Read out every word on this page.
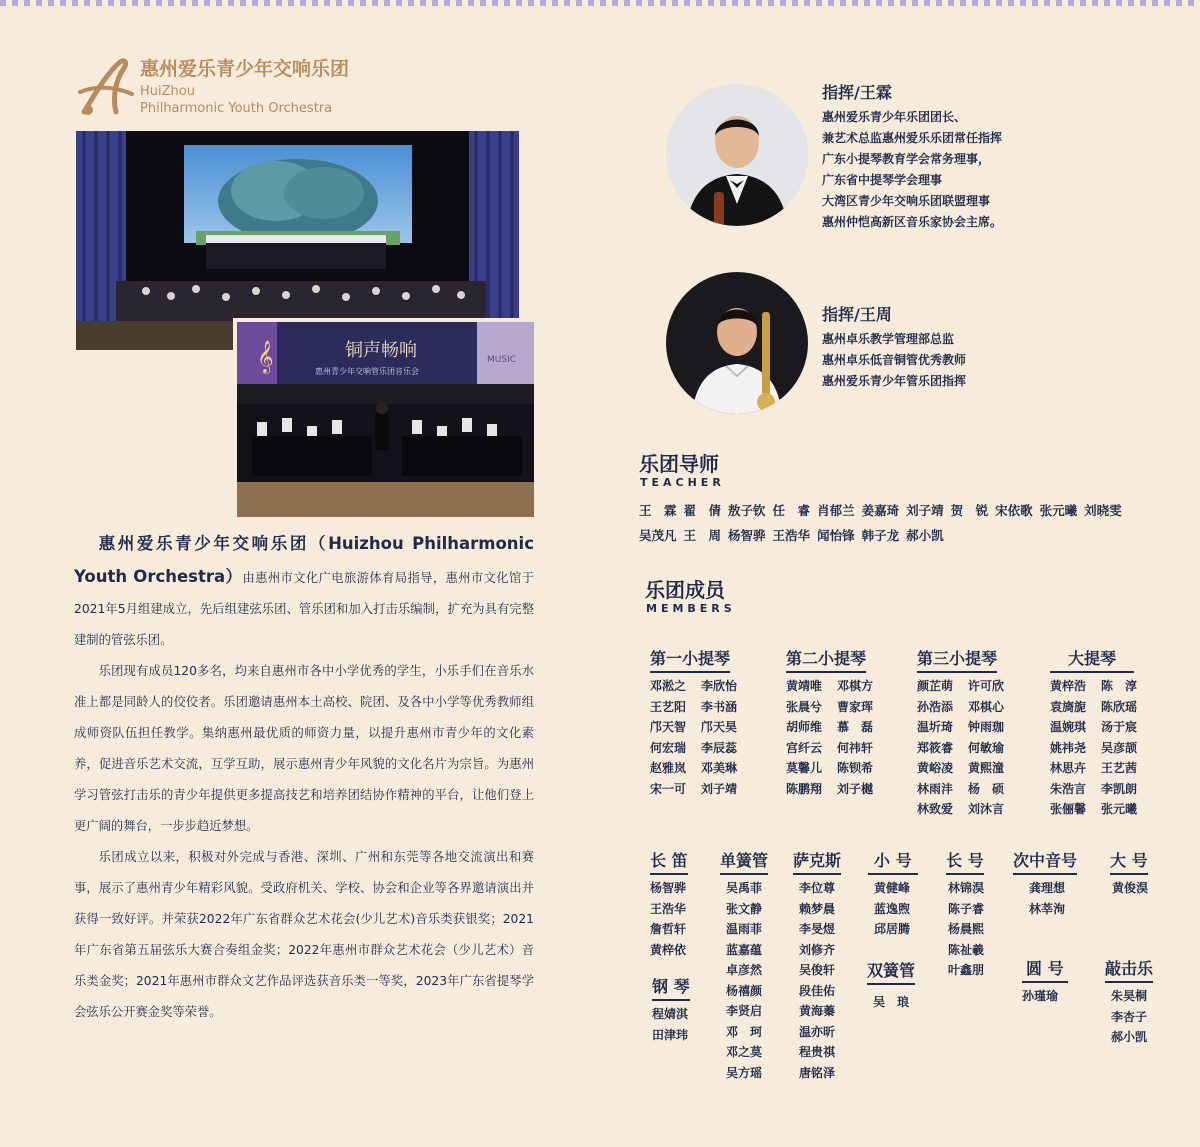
惠州爱乐青少年交响乐团
HuiZhou
Philharmonic Youth Orchestra
𝄞	铜声畅响
惠州青少年交响管乐团音乐会
MUSIC

惠州爱乐青少年交响乐团（Huizhou Philharmonic Youth Orchestra）由惠州市文化广电旅游体育局指导，惠州市文化馆于2021年5月组建成立，先后组建弦乐团、管乐团和加入打击乐编制，扩充为具有完整建制的管弦乐团。

乐团现有成员120多名，均来自惠州市各中小学优秀的学生，小乐手们在音乐水准上都是同龄人的佼佼者。乐团邀请惠州本土高校、院团、及各中小学等优秀教师组成师资队伍担任教学。集纳惠州最优质的师资力量，以提升惠州市青少年的文化素养，促进音乐艺术交流，互学互助，展示惠州青少年风貌的文化名片为宗旨。为惠州学习管弦打击乐的青少年提供更多提高技艺和培养团结协作精神的平台，让他们登上更广阔的舞台，一步步趋近梦想。

乐团成立以来，积极对外完成与香港、深圳、广州和东莞等各地交流演出和赛事，展示了惠州青少年精彩风貌。受政府机关、学校、协会和企业等各界邀请演出并获得一致好评。并荣获2022年广东省群众艺术花会(少儿艺术)音乐类获银奖；2021年广东省第五届弦乐大赛合奏组金奖；2022年惠州市群众艺术花会（少儿艺术）音乐类金奖；2021年惠州市群众文艺作品评选获音乐类一等奖，2023年广东省提琴学会弦乐公开赛金奖等荣誉。

指挥/王霖
惠州爱乐青少年乐团团长、
兼艺术总监惠州爱乐乐团常任指挥
广东小提琴教育学会常务理事，
广东省中提琴学会理事
大湾区青少年交响乐团联盟理事
惠州仲恺高新区音乐家协会主席。
指挥/王周
惠州卓乐教学管理部总监
惠州卓乐低音铜管优秀教师
惠州爱乐青少年管乐团指挥
乐团导师
TEACHER
王　霖 翟　倩 敖子钦 任　睿 肖郁兰 姜嘉琦 刘子靖 贺　锐 宋依歌 张元曦 刘晓雯
吴茂凡 王　周 杨智骅 王浩华 闻怡锋 韩子龙 郝小凯
乐团成员
MEMBERS
第一小提琴
邓淞之 李欣怡
王艺阳 李书涵
邝天智 邝天昊
何宏瑞 李辰蕊
赵雅岚 邓美琳
宋一可 刘子靖
第二小提琴
黄靖唯 邓棋方
张晨兮 曹家珲
胡师维 慕　磊
宫纤云 何祎轩
莫馨儿 陈钡希
陈鹏翔 刘子樾
第三小提琴
颜芷萌 许可欣
孙浩添 邓棋心
温圻琦 钟雨珈
郑筱睿 何敏瑜
黄峪凌 黄熙潼
林雨沣 杨　硕
林致爱 刘沐言
大提琴
黄梓浩 陈　淳
袁旖旎 陈欣瑶
温婉琪 汤于宸
姚祎尧 吴彦颉
林思卉 王艺茜
朱浩言 李凯朗
张俪馨 张元曦
长 笛
杨智骅
王浩华
詹哲轩
黄梓依
钢 琴
程婧淇
田津玮
单簧管
吴禹菲
张文静
温雨菲
蓝嘉蕴
卓彦然
杨禧颜
李贤启
邓　珂
邓之莫
吴方瑶
萨克斯
李位尊
赖梦晨
李旻煜
刘修齐
吴俊轩
段佳佑
黄海蓁
温亦昕
程贵祺
唐铭泽
小 号
黄健峰
蓝逸煦
邱居腾
双簧管
吴　琅
长 号
林锦淏
陈子睿
杨晨熙
陈祉羲
叶鑫朋
次中音号
龚理想
林莘洵
圆 号
孙瑾瑜
大 号
黄俊淏
敲击乐
朱昊桐
李杏子
郝小凯
